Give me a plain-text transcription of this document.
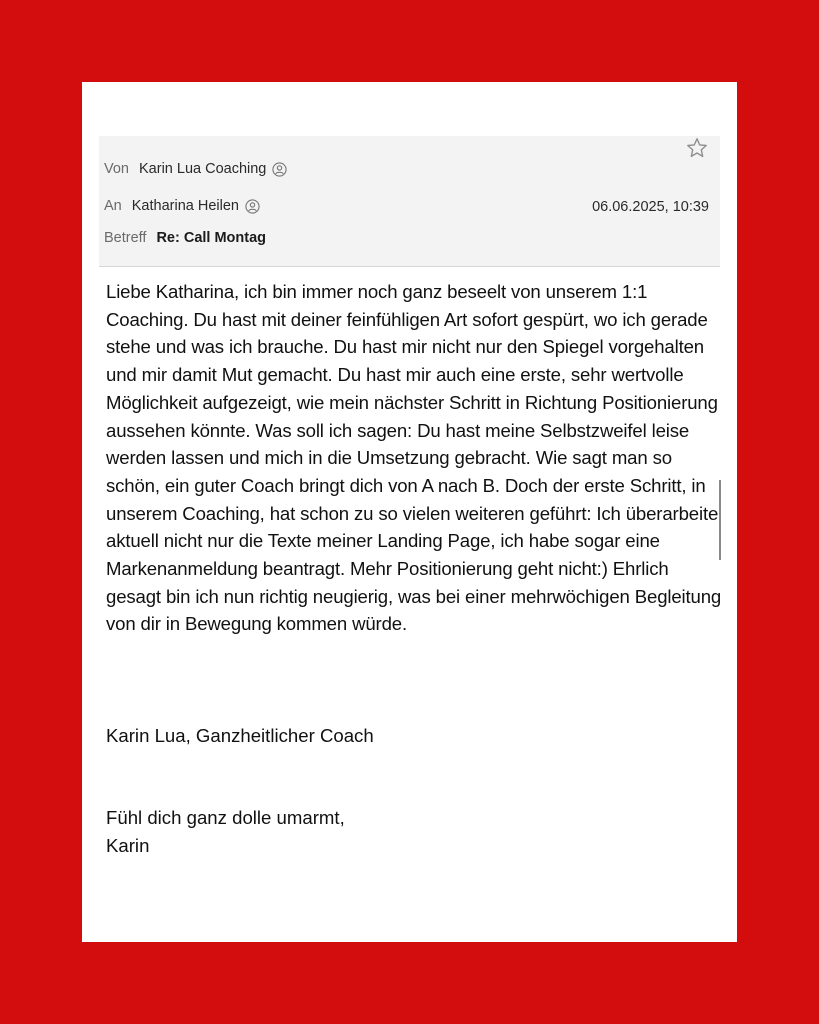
Von Karin Lua Coaching
An Katharina Heilen	06.06.2025, 10:39
Betreff Re: Call Montag

Liebe Katharina, ich bin immer noch ganz beseelt von unserem 1:1 Coaching. Du hast mit deiner feinfühligen Art sofort gespürt, wo ich gerade stehe und was ich brauche. Du hast mir nicht nur den Spiegel vorgehalten und mir damit Mut gemacht. Du hast mir auch eine erste, sehr wertvolle Möglichkeit aufgezeigt, wie mein nächster Schritt in Richtung Positionierung aussehen könnte. Was soll ich sagen: Du hast meine Selbstzweifel leise werden lassen und mich in die Umsetzung gebracht. Wie sagt man so schön, ein guter Coach bringt dich von A nach B. Doch der erste Schritt, in unserem Coaching, hat schon zu so vielen weiteren geführt: Ich überarbeite aktuell nicht nur die Texte meiner Landing Page, ich habe sogar eine Markenanmeldung beantragt. Mehr Positionierung geht nicht:) Ehrlich gesagt bin ich nun richtig neugierig, was bei einer mehrwöchigen Begleitung von dir in Bewegung kommen würde.

Karin Lua, Ganzheitlicher Coach
Fühl dich ganz dolle umarmt,
Karin
